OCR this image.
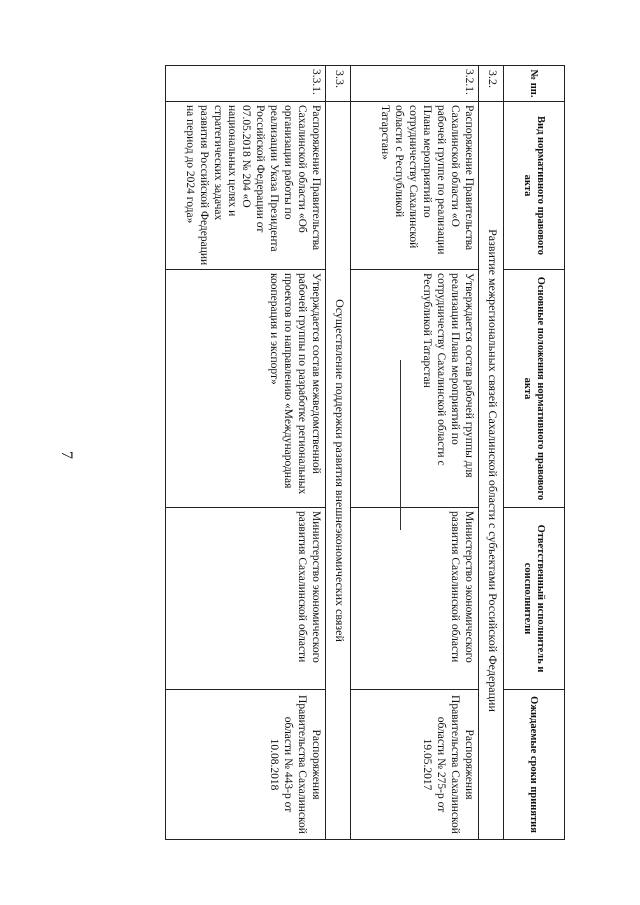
7
№ пп.	Вид нормативного правового акта	Основные положения нормативного правового акта	Ответственный исполнитель и соисполнители	Ожидаемые сроки принятия
3.2.	Развитие межрегиональных связей Сахалинской области с субъектами Российской Федерации			
3.2.1.	Распоряжение Правительства Сахалинской области «О рабочей группе по реализации Плана мероприятий по сотрудничеству Сахалинской области с Республикой Татарстан»	Утверждается состав рабочей группы для реализации Плана мероприятий по сотрудничеству Сахалинской области с Республикой Татарстан	Министерство экономического развития Сахалинской области	Распоряжения Правительства Сахалинской области № 275-р от 19.05.2017
3.3.	Осуществление поддержки развития внешнеэкономических связей			
3.3.1.	Распоряжение Правительства Сахалинской области «Об организации работы по реализации Указа Президента Российской Федерации от 07.05.2018 № 204 «О национальных целях и стратегических задачах развития Российской Федерации на период до 2024 года»	Утверждается состав межведомственной рабочей группы по разработке региональных проектов по направлению «Международная кооперация и экспорт»	Министерство экономического развития Сахалинской области	Распоряжения Правительства Сахалинской области № 443-р от 10.08.2018
